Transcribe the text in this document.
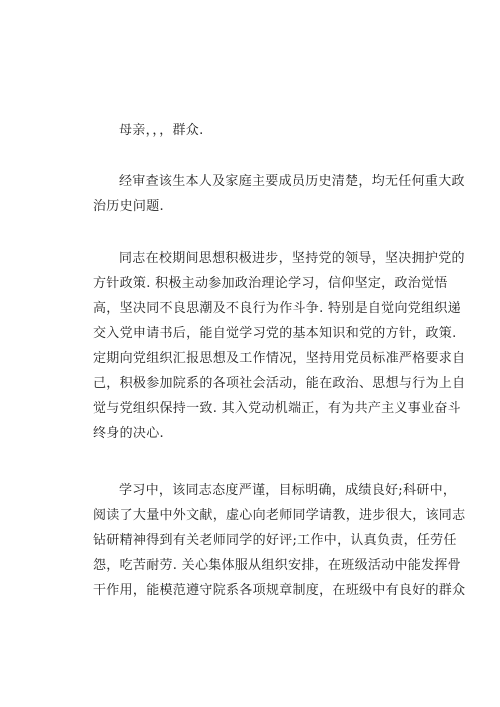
母亲，，，群众.

经审查该生本人及家庭主要成员历史清楚，均无任何重大政
治历史问题.

同志在校期间思想积极进步，坚持党的领导，坚决拥护党的
方针政策. 积极主动参加政治理论学习，信仰坚定，政治觉悟
高，坚决同不良思潮及不良行为作斗争. 特别是自觉向党组织递
交入党申请书后，能自觉学习党的基本知识和党的方针，政策.
定期向党组织汇报思想及工作情况，坚持用党员标准严格要求自
己，积极参加院系的各项社会活动，能在政治、思想与行为上自
觉与党组织保持一致. 其入党动机端正，有为共产主义事业奋斗
终身的决心.

学习中，该同志态度严谨，目标明确，成绩良好;科研中，
阅读了大量中外文献，虚心向老师同学请教，进步很大，该同志
钻研精神得到有关老师同学的好评;工作中，认真负责，任劳任
怨，吃苦耐劳. 关心集体服从组织安排，在班级活动中能发挥骨
干作用，能模范遵守院系各项规章制度，在班级中有良好的群众
